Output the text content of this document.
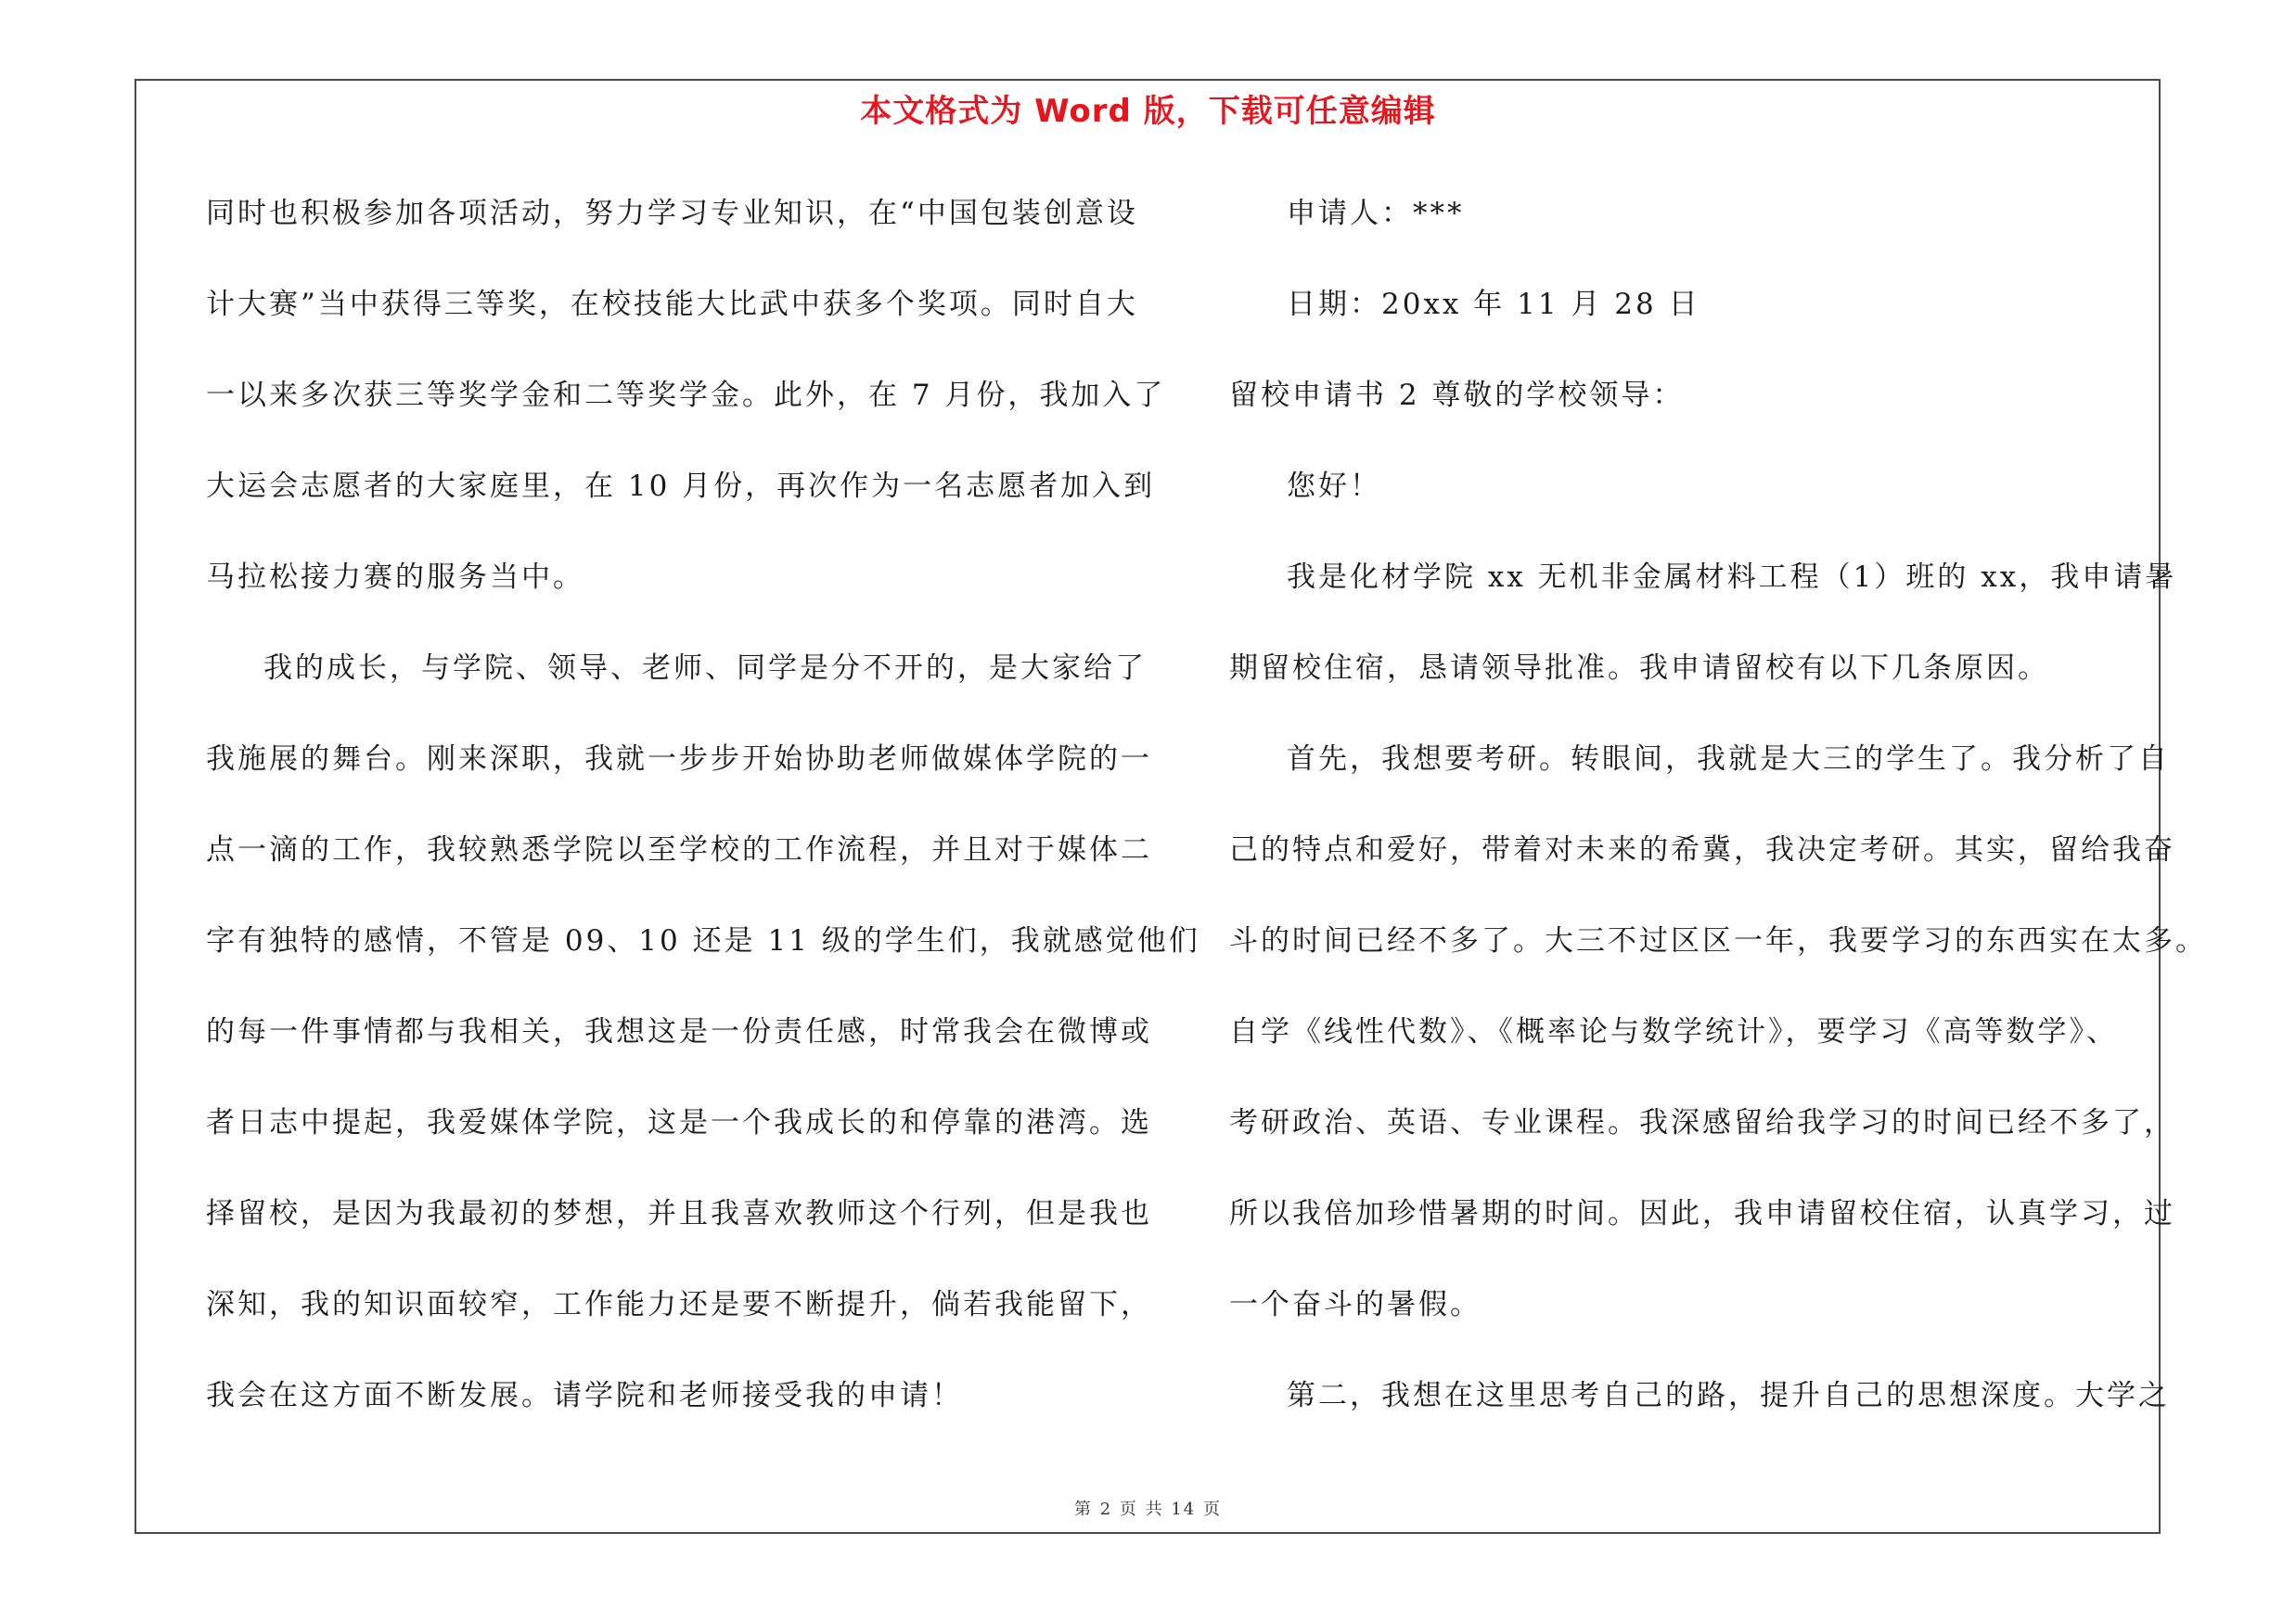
本文格式为 Word 版，下载可任意编辑
同时也积极参加各项活动，努力学习专业知识，在“中国包装创意设
计大赛”当中获得三等奖，在校技能大比武中获多个奖项。同时自大
一以来多次获三等奖学金和二等奖学金。此外，在 7 月份，我加入了
大运会志愿者的大家庭里，在 10 月份，再次作为一名志愿者加入到
马拉松接力赛的服务当中。
我的成长，与学院、领导、老师、同学是分不开的，是大家给了
我施展的舞台。刚来深职，我就一步步开始协助老师做媒体学院的一
点一滴的工作，我较熟悉学院以至学校的工作流程，并且对于媒体二
字有独特的感情，不管是 09、10 还是 11 级的学生们，我就感觉他们
的每一件事情都与我相关，我想这是一份责任感，时常我会在微博或
者日志中提起，我爱媒体学院，这是一个我成长的和停靠的港湾。选
择留校，是因为我最初的梦想，并且我喜欢教师这个行列，但是我也
深知，我的知识面较窄，工作能力还是要不断提升，倘若我能留下，
我会在这方面不断发展。请学院和老师接受我的申请！
申请人：***
日期：20xx 年 11 月 28 日
留校申请书 2 尊敬的学校领导：
您好！
我是化材学院 xx 无机非金属材料工程（1）班的 xx，我申请暑
期留校住宿，恳请领导批准。我申请留校有以下几条原因。
首先，我想要考研。转眼间，我就是大三的学生了。我分析了自
己的特点和爱好，带着对未来的希冀，我决定考研。其实，留给我奋
斗的时间已经不多了。大三不过区区一年，我要学习的东西实在太多。
自学《线性代数》、《概率论与数学统计》，要学习《高等数学》、
考研政治、英语、专业课程。我深感留给我学习的时间已经不多了，
所以我倍加珍惜暑期的时间。因此，我申请留校住宿，认真学习，过
一个奋斗的暑假。
第二，我想在这里思考自己的路，提升自己的思想深度。大学之
第 2 页 共 14 页
